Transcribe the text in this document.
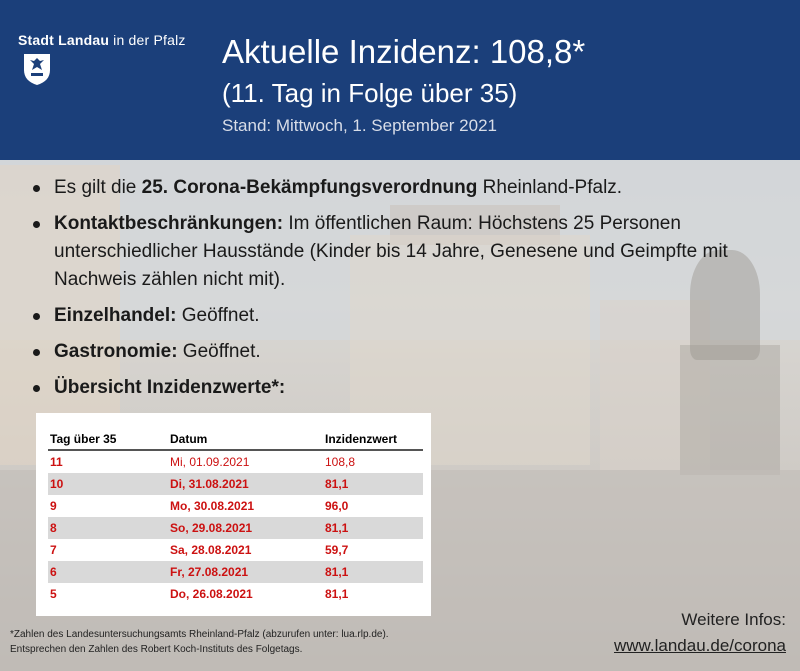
Stadt Landau in der Pfalz Aktuelle Inzidenz: 108,8*
(11. Tag in Folge über 35)
Stand: Mittwoch, 1. September 2021
Es gilt die 25. Corona-Bekämpfungsverordnung Rheinland-Pfalz.
Kontaktbeschränkungen: Im öffentlichen Raum: Höchstens 25 Personen unterschiedlicher Hausstände (Kinder bis 14 Jahre, Genesene und Geimpfte mit Nachweis zählen nicht mit).
Einzelhandel: Geöffnet.
Gastronomie: Geöffnet.
Übersicht Inzidenzwerte*:
Tag über 35	Datum	Inzidenzwert
11	Mi, 01.09.2021	108,8
10	Di, 31.08.2021	81,1
9	Mo, 30.08.2021	96,0
8	So, 29.08.2021	81,1
7	Sa, 28.08.2021	59,7
6	Fr, 27.08.2021	81,1
5	Do, 26.08.2021	81,1
*Zahlen des Landesuntersuchungsamts Rheinland-Pfalz (abzurufen unter: lua.rlp.de).
Entsprechen den Zahlen des Robert Koch-Instituts des Folgetags.
Weitere Infos:
www.landau.de/corona
